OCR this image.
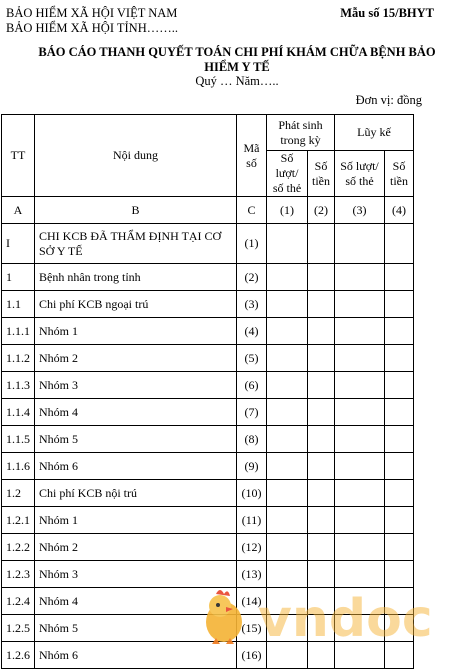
BẢO HIỂM XÃ HỘI VIỆT NAM
BẢO HIỂM XÃ HỘI TỈNH……..
Mẫu số 15/BHYT
BÁO CÁO THANH QUYẾT TOÁN CHI PHÍ KHÁM CHỮA BỆNH BẢO
HIỂM Y TẾ
Quý … Năm…..
Đơn vị: đồng
TT	Nội dung	Mã số	Phát sinh trong kỳ		Lũy kế	
			Số lượt/ số thẻ	Số tiền	Số lượt/ số thẻ	Số tiền
A	B	C	(1)	(2)	(3)	(4)
I	CHI KCB ĐÃ THẨM ĐỊNH TẠI CƠ SỞ Y TẾ	(1)				
1	Bệnh nhân trong tỉnh	(2)				
1.1	Chi phí KCB ngoại trú	(3)				
1.1.1	Nhóm 1	(4)				
1.1.2	Nhóm 2	(5)				
1.1.3	Nhóm 3	(6)				
1.1.4	Nhóm 4	(7)				
1.1.5	Nhóm 5	(8)				
1.1.6	Nhóm 6	(9)				
1.2	Chi phí KCB nội trú	(10)				
1.2.1	Nhóm 1	(11)				
1.2.2	Nhóm 2	(12)				
1.2.3	Nhóm 3	(13)				
1.2.4	Nhóm 4	(14)				
1.2.5	Nhóm 5	(15)				
1.2.6	Nhóm 6	(16)				
vndoc
